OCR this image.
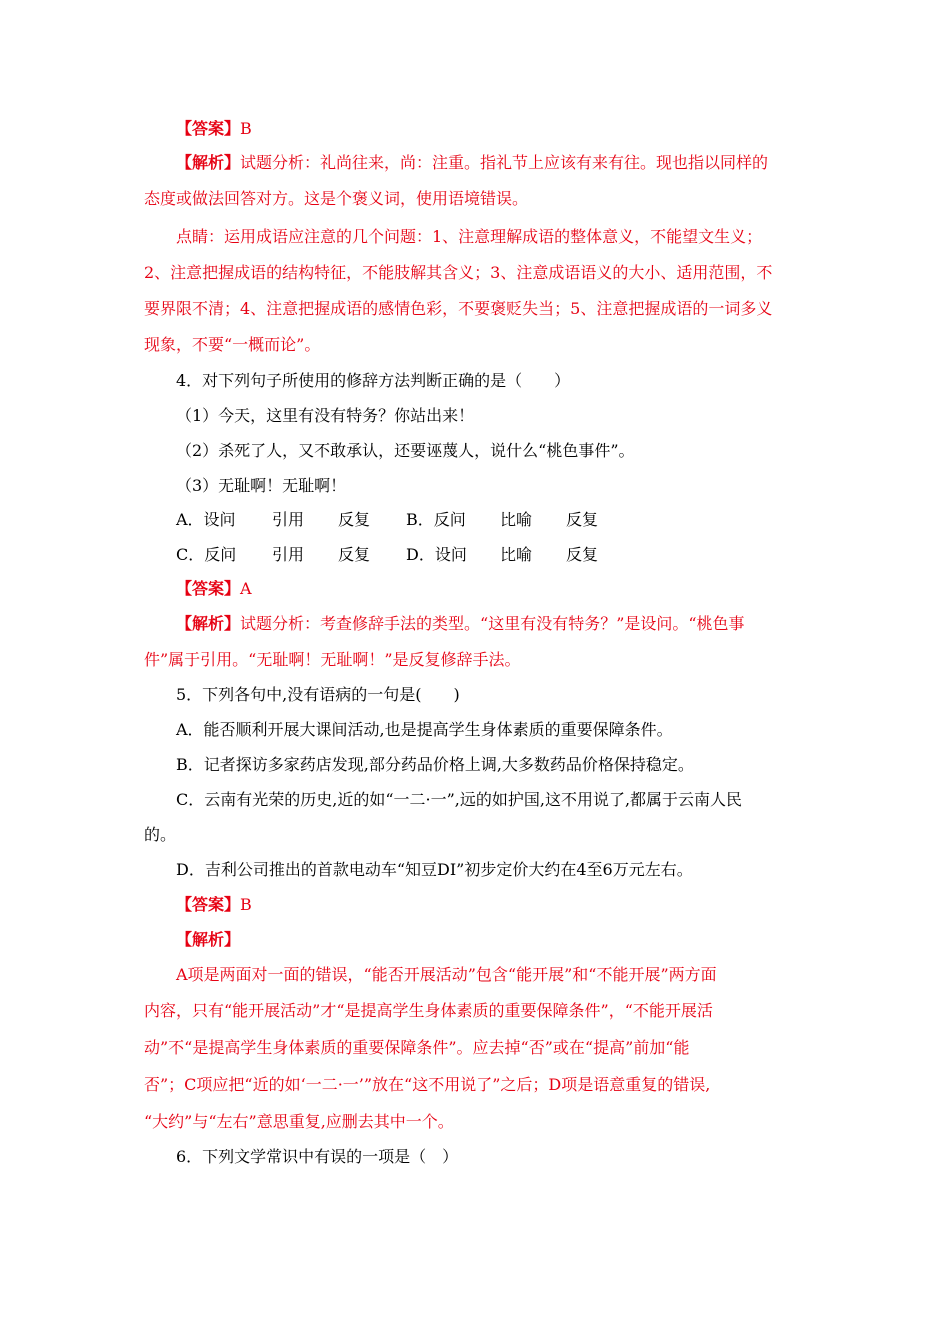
【答案】B
【解析】试题分析：礼尚往来，尚：注重。指礼节上应该有来有往。现也指以同样的
态度或做法回答对方。这是个褒义词，使用语境错误。
点睛：运用成语应注意的几个问题：1、注意理解成语的整体意义，不能望文生义；
2、注意把握成语的结构特征，不能肢解其含义；3、注意成语语义的大小、适用范围，不
要界限不清；4、注意把握成语的感情色彩，不要褒贬失当；5、注意把握成语的一词多义
现象，不要“一概而论”。
4．对下列句子所使用的修辞方法判断正确的是（　　）
（1）今天，这里有没有特务？你站出来！
（2）杀死了人，又不敢承认，还要诬蔑人，说什么“桃色事件”。
（3）无耻啊！无耻啊！
A．设问 引用 反复 B．反问 比喻 反复
C．反问 引用 反复 D．设问 比喻 反复
【答案】A
【解析】试题分析：考查修辞手法的类型。“这里有没有特务？”是设问。“桃色事
件”属于引用。“无耻啊！无耻啊！”是反复修辞手法。
5．下列各句中,没有语病的一句是(　　)
A．能否顺利开展大课间活动,也是提高学生身体素质的重要保障条件。
B．记者探访多家药店发现,部分药品价格上调,大多数药品价格保持稳定。
C．云南有光荣的历史,近的如“一二·一”,远的如护国,这不用说了,都属于云南人民
的。
D．吉利公司推出的首款电动车“知豆DI”初步定价大约在4至6万元左右。
【答案】B
【解析】
A项是两面对一面的错误，“能否开展活动”包含“能开展”和“不能开展”两方面
内容，只有“能开展活动”才“是提高学生身体素质的重要保障条件”，“不能开展活
动”不“是提高学生身体素质的重要保障条件”。应去掉“否”或在“提高”前加“能
否”；C项应把“近的如‘一二·一’”放在“这不用说了”之后；D项是语意重复的错误,
“大约”与“左右”意思重复,应删去其中一个。
6．下列文学常识中有误的一项是（　）
